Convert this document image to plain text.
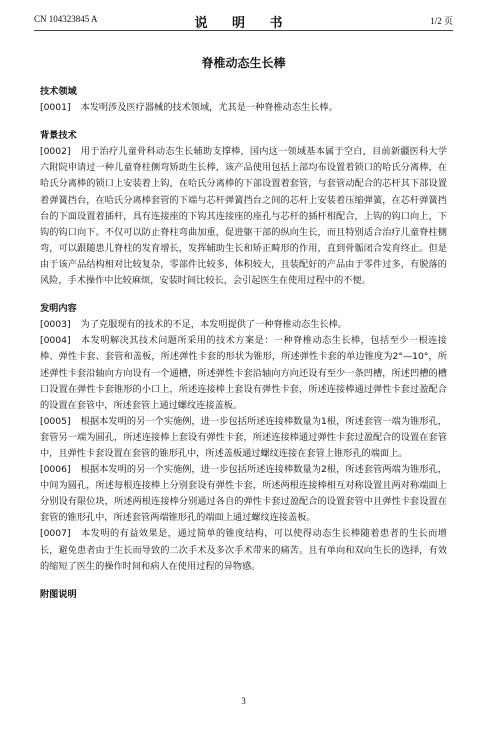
CN 104323845 A	说 明 书	1/2 页
脊椎动态生长棒

技术领域

[0001] 本发明涉及医疗器械的技术领域，尤其是一种脊椎动态生长棒。

背景技术

[0002] 用于治疗儿童骨科动态生长辅助支撑棒，国内这一领域基本属于空白，目前新疆医科大学六附院申请过一种儿童脊柱侧弯矫助生长棒，该产品使用包括上部均布设置着锁口的哈氏分离棒，在哈氏分离棒的锁口上安装着上钩，在哈氏分离棒的下部设置着套管，与套管动配合的芯杆其下部设置着弹簧挡台，在哈氏分离棒套管的下端与芯杆弹簧挡台之间的芯杆上安装着压缩弹簧，在芯杆弹簧挡台的下面设置着插杆，具有连接座的下钩其连接座的座孔与芯杆的插杆相配合，上钩的钩口向上，下钩的钩口向下。不仅可以防止脊柱弯曲加重，促进躯干部的纵向生长，而且特别适合治疗儿童脊柱侧弯，可以跟随患儿脊柱的发育增长，发挥辅助生长和矫正畸形的作用，直到骨骺闭合发育终止。但是由于该产品结构相对比较复杂，零部件比较多，体积较大，且装配好的产品由于零件过多，有脱落的风险，手术操作中比较麻烦，安装时间比较长，会引起医生在使用过程中的不便。

发明内容

[0003] 为了克服现有的技术的不足，本发明提供了一种脊椎动态生长棒。

[0004] 本发明解决其技术问题所采用的技术方案是：一种脊椎动态生长棒，包括至少一根连接棒、弹性卡套、套管和盖板，所述弹性卡套的形状为锥形，所述弹性卡套的单边锥度为2°—10°，所述弹性卡套沿轴向方向设有一个通槽，所述弹性卡套沿轴向方向还设有至少一条凹槽，所述凹槽的槽口设置在弹性卡套锥形的小口上，所述连接棒上套设有弹性卡套，所述连接棒通过弹性卡套过盈配合的设置在套管中，所述套管上通过螺纹连接盖板。

[0005] 根据本发明的另一个实施例，进一步包括所述连接棒数量为1根，所述套管一端为锥形孔，套管另一端为圆孔，所述连接棒上套设有弹性卡套，所述连接棒通过弹性卡套过盈配合的设置在套管中，且弹性卡套设置在套管的锥形孔中，所述盖板通过螺纹连接在套管上锥形孔的端面上。

[0006] 根据本发明的另一个实施例，进一步包括所述连接棒数量为2根，所述套管两端为锥形孔，中间为圆孔，所述每根连接棒上分别套设有弹性卡套，所述两根连接棒相互对称设置且两对称端面上分别设有限位块，所述两根连接棒分别通过各自的弹性卡套过盈配合的设置套管中且弹性卡套设置在套管的锥形孔中，所述套管两端锥形孔的端面上通过螺纹连接盖板。

[0007] 本发明的有益效果是，通过简单的锥度结构，可以使得动态生长棒随着患者的生长而增长，避免患者由于生长而导致的二次手术及多次手术带来的痛苦。且有单向和双向生长的选择，有效的缩短了医生的操作时间和病人在使用过程的异物感。

附图说明

3
